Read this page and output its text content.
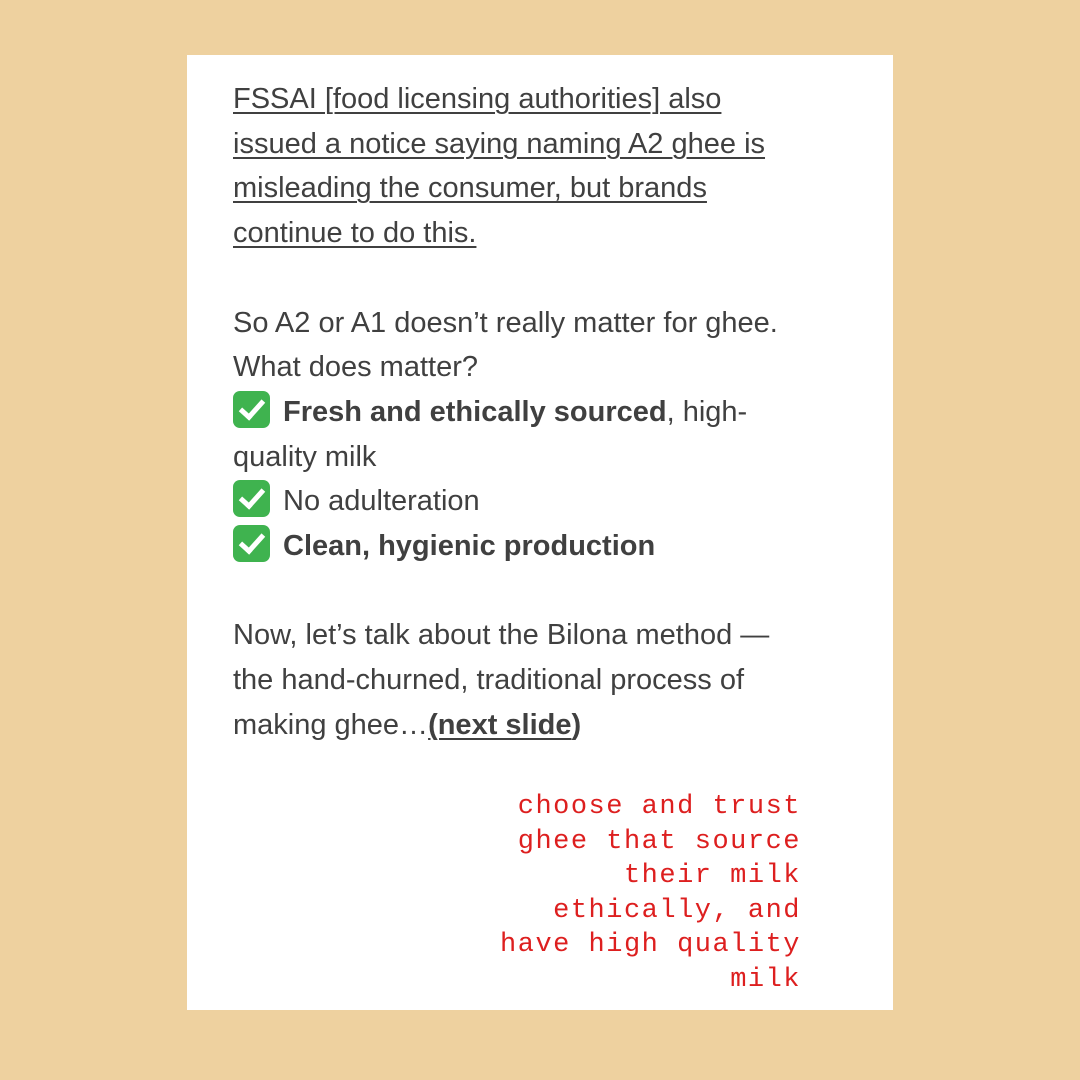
FSSAI [food licensing authorities] also
issued a notice saying naming A2 ghee is
misleading the consumer, but brands
continue to do this.

So A2 or A1 doesn’t really matter for ghee.
What does matter?

Fresh and ethically sourced, high-
quality milk

No adulteration

Clean, hygienic production

Now, let’s talk about the Bilona method —
the hand-churned, traditional process of
making ghee…(next slide)

choose and trust
ghee that source
their milk
ethically, and
have high quality
milk
